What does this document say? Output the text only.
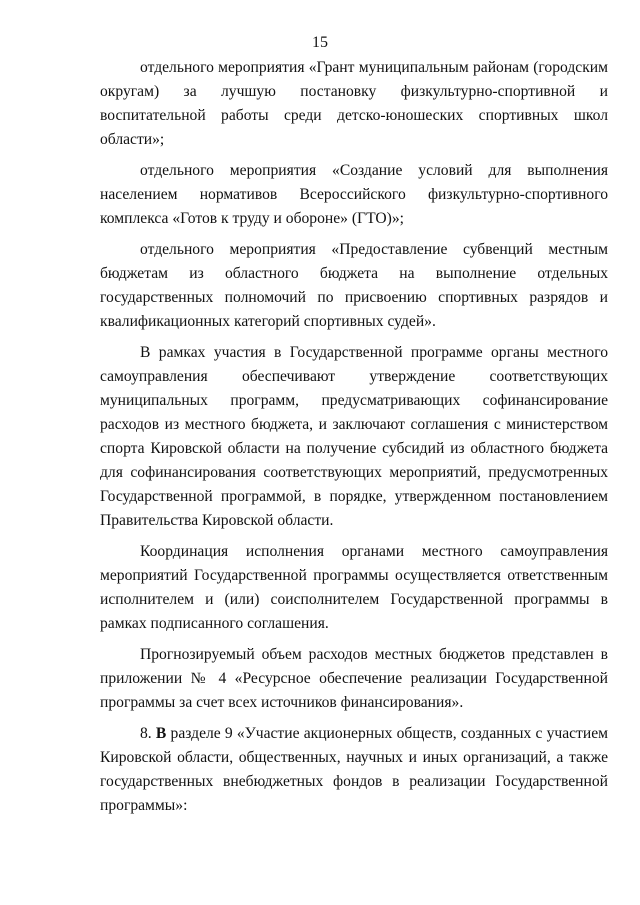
15

отдельного мероприятия «Грант муниципальным районам (городским округам) за лучшую постановку физкультурно-спортивной и воспитательной работы среди детско-юношеских спортивных школ области»;

отдельного мероприятия «Создание условий для выполнения населением нормативов Всероссийского физкультурно-спортивного комплекса «Готов к труду и обороне» (ГТО)»;

отдельного мероприятия «Предоставление субвенций местным бюджетам из областного бюджета на выполнение отдельных государственных полномочий по присвоению спортивных разрядов и квалификационных категорий спортивных судей».

В рамках участия в Государственной программе органы местного самоуправления обеспечивают утверждение соответствующих муниципальных программ, предусматривающих софинансирование расходов из местного бюджета, и заключают соглашения с министерством спорта Кировской области на получение субсидий из областного бюджета для софинансирования соответствующих мероприятий, предусмотренных Государственной программой, в порядке, утвержденном постановлением Правительства Кировской области.

Координация исполнения органами местного самоуправления мероприятий Государственной программы осуществляется ответственным исполнителем и (или) соисполнителем Государственной программы в рамках подписанного соглашения.

Прогнозируемый объем расходов местных бюджетов представлен в приложении № 4 «Ресурсное обеспечение реализации Государственной программы за счет всех источников финансирования».

8. В разделе 9 «Участие акционерных обществ, созданных с участием Кировской области, общественных, научных и иных организаций, а также государственных внебюджетных фондов в реализации Государственной программы»:
